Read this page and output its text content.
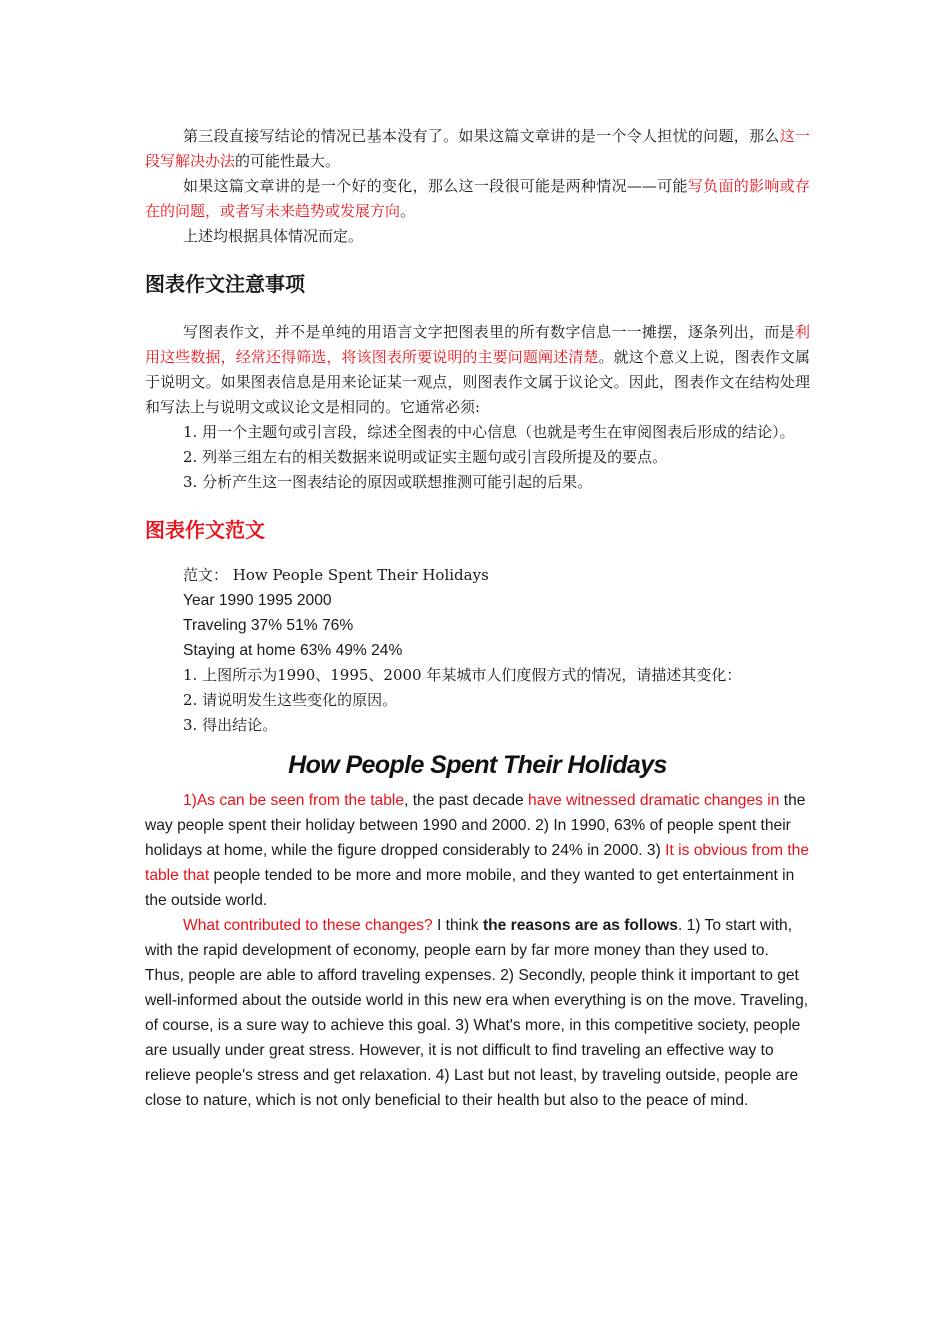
第三段直接写结论的情况已基本没有了。如果这篇文章讲的是一个令人担忧的问题，那么这一段写解决办法的可能性最大。

如果这篇文章讲的是一个好的变化，那么这一段很可能是两种情况——可能写负面的影响或存在的问题，或者写未来趋势或发展方向。

上述均根据具体情况而定。

图表作文注意事项

写图表作文，并不是单纯的用语言文字把图表里的所有数字信息一一摊摆，逐条列出，而是利用这些数据，经常还得筛选，将该图表所要说明的主要问题阐述清楚。就这个意义上说，图表作文属于说明文。如果图表信息是用来论证某一观点，则图表作文属于议论文。因此，图表作文在结构处理和写法上与说明文或议论文是相同的。它通常必须:

1. 用一个主题句或引言段，综述全图表的中心信息（也就是考生在审阅图表后形成的结论）。

2. 列举三组左右的相关数据来说明或证实主题句或引言段所提及的要点。

3. 分析产生这一图表结论的原因或联想推测可能引起的后果。

图表作文范文

范文： How People Spent Their Holidays

Year 1990 1995 2000

Traveling 37% 51% 76%

Staying at home 63% 49% 24%

1. 上图所示为1990、1995、2000 年某城市人们度假方式的情况，请描述其变化：

2. 请说明发生这些变化的原因。

3. 得出结论。

How People Spent Their Holidays

1)As can be seen from the table, the past decade have witnessed dramatic changes in the way people spent their holiday between 1990 and 2000. 2) In 1990, 63% of people spent their holidays at home, while the figure dropped considerably to 24% in 2000. 3) It is obvious from the table that people tended to be more and more mobile, and they wanted to get entertainment in the outside world.

What contributed to these changes? I think the reasons are as follows. 1) To start with, with the rapid development of economy, people earn by far more money than they used to. Thus, people are able to afford traveling expenses. 2) Secondly, people think it important to get well-informed about the outside world in this new era when everything is on the move. Traveling, of course, is a sure way to achieve this goal. 3) What's more, in this competitive society, people are usually under great stress. However, it is not difficult to find traveling an effective way to relieve people's stress and get relaxation. 4) Last but not least, by traveling outside, people are close to nature, which is not only beneficial to their health but also to the peace of mind.
